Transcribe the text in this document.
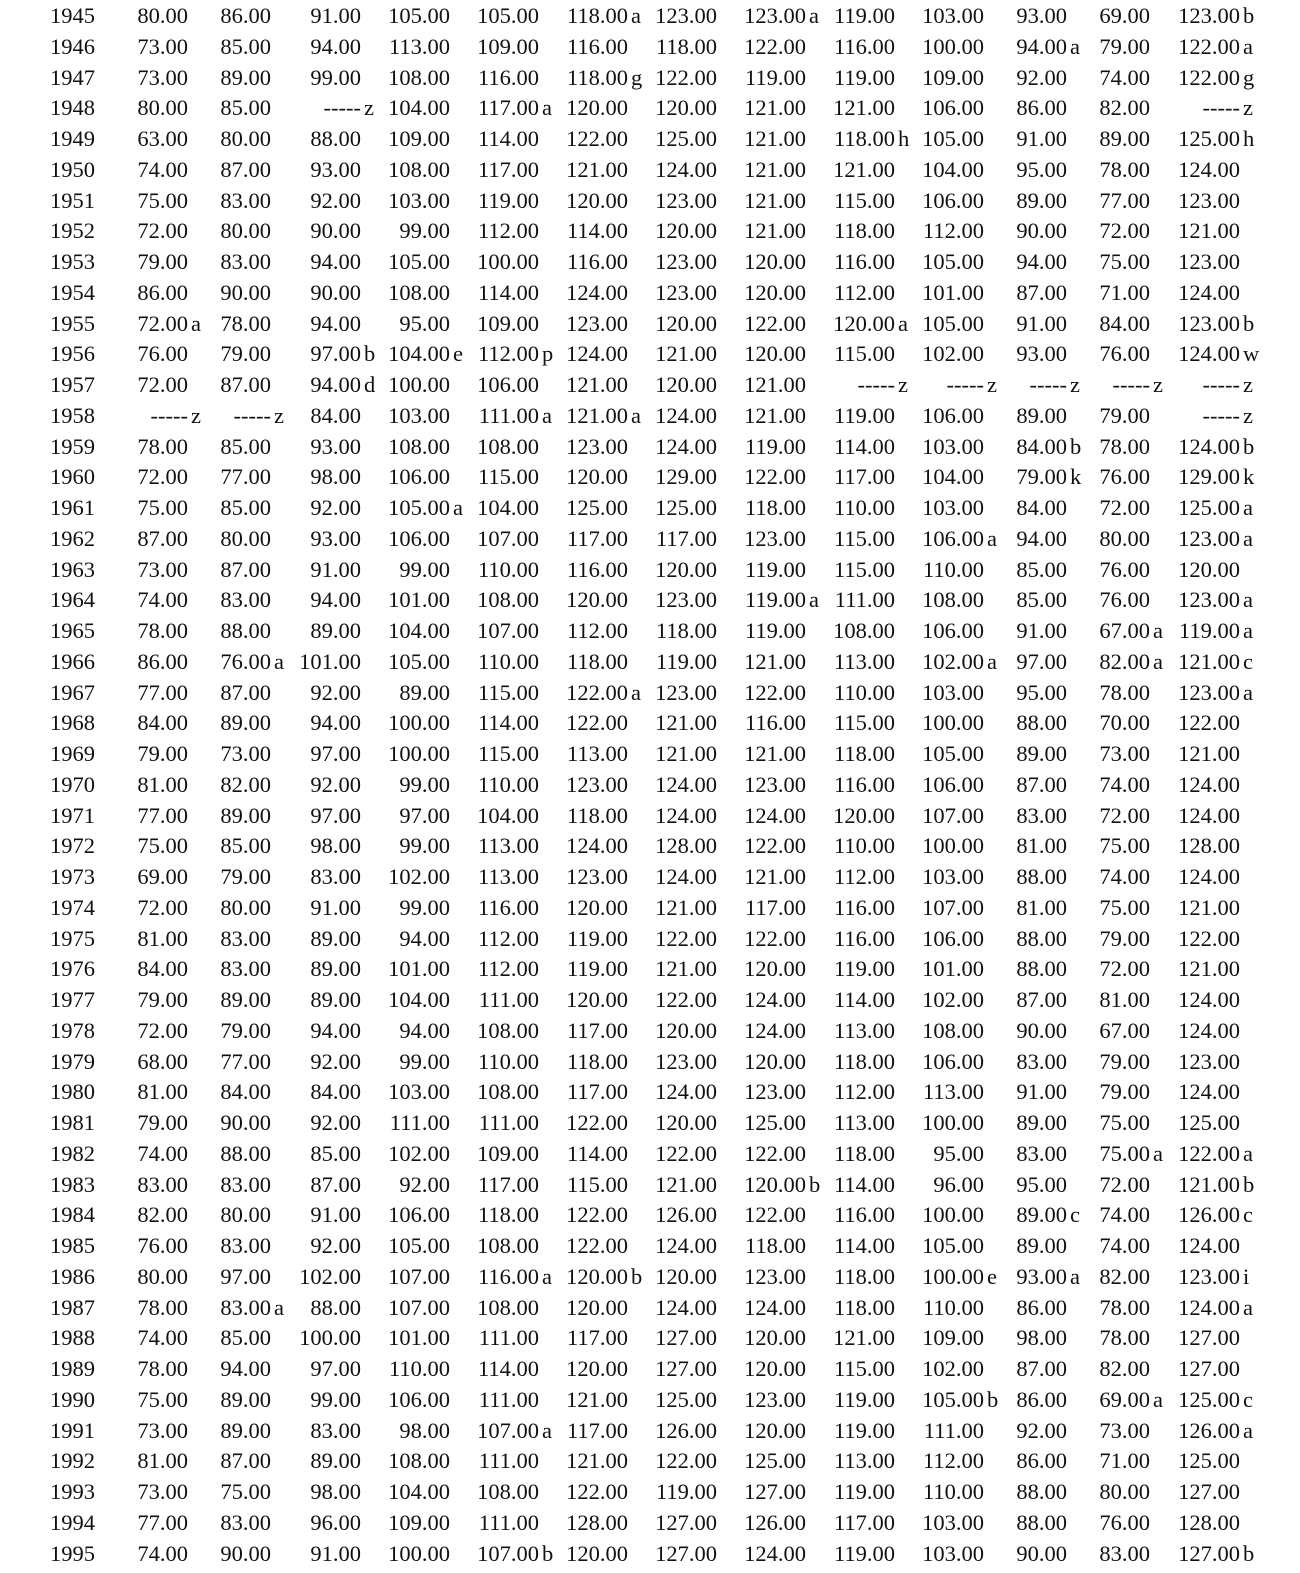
1945	80.00	86.00	91.00	105.00	105.00	118.00 a 123.00	123.00 a 119.00	103.00	93.00	69.00	123.00 b
1946	73.00	85.00	94.00	113.00	109.00	116.00	118.00	122.00	116.00	100.00	94.00 a 79.00	122.00 a
1947	73.00	89.00	99.00	108.00	116.00	118.00 g 122.00	119.00	119.00	109.00	92.00	74.00	122.00 g
1948	80.00	85.00	----- z 104.00	117.00 a 120.00	120.00	121.00	121.00	106.00	86.00	82.00	----- z
1949	63.00	80.00	88.00	109.00	114.00	122.00	125.00	121.00	118.00 h 105.00	91.00	89.00	125.00 h
1950	74.00	87.00	93.00	108.00	117.00	121.00	124.00	121.00	121.00	104.00	95.00	78.00	124.00
1951	75.00	83.00	92.00	103.00	119.00	120.00	123.00	121.00	115.00	106.00	89.00	77.00	123.00
1952	72.00	80.00	90.00	99.00	112.00	114.00	120.00	121.00	118.00	112.00	90.00	72.00	121.00
1953	79.00	83.00	94.00	105.00	100.00	116.00	123.00	120.00	116.00	105.00	94.00	75.00	123.00
1954	86.00	90.00	90.00	108.00	114.00	124.00	123.00	120.00	112.00	101.00	87.00	71.00	124.00
1955	72.00 a 78.00	94.00	95.00	109.00	123.00	120.00	122.00	120.00 a 105.00	91.00	84.00	123.00 b
1956	76.00	79.00	97.00 b 104.00 e 112.00 p 124.00	121.00	120.00	115.00	102.00	93.00	76.00	124.00 w
1957	72.00	87.00	94.00 d 100.00	106.00	121.00	120.00	121.00	----- z	----- z	----- z	----- z	----- z
1958	----- z	----- z	84.00	103.00	111.00 a 121.00 a 124.00	121.00	119.00	106.00	89.00	79.00	----- z
1959	78.00	85.00	93.00	108.00	108.00	123.00	124.00	119.00	114.00	103.00	84.00 b 78.00	124.00 b
1960	72.00	77.00	98.00	106.00	115.00	120.00	129.00	122.00	117.00	104.00	79.00 k 76.00	129.00 k
1961	75.00	85.00	92.00	105.00 a 104.00	125.00	125.00	118.00	110.00	103.00	84.00	72.00	125.00 a
1962	87.00	80.00	93.00	106.00	107.00	117.00	117.00	123.00	115.00	106.00 a 94.00	80.00	123.00 a
1963	73.00	87.00	91.00	99.00	110.00	116.00	120.00	119.00	115.00	110.00	85.00	76.00	120.00
1964	74.00	83.00	94.00	101.00	108.00	120.00	123.00	119.00 a 111.00	108.00	85.00	76.00	123.00 a
1965	78.00	88.00	89.00	104.00	107.00	112.00	118.00	119.00	108.00	106.00	91.00	67.00 a 119.00 a
1966	86.00	76.00 a 101.00	105.00	110.00	118.00	119.00	121.00	113.00	102.00 a 97.00	82.00 a 121.00 c
1967	77.00	87.00	92.00	89.00	115.00	122.00 a 123.00	122.00	110.00	103.00	95.00	78.00	123.00 a
1968	84.00	89.00	94.00	100.00	114.00	122.00	121.00	116.00	115.00	100.00	88.00	70.00	122.00
1969	79.00	73.00	97.00	100.00	115.00	113.00	121.00	121.00	118.00	105.00	89.00	73.00	121.00
1970	81.00	82.00	92.00	99.00	110.00	123.00	124.00	123.00	116.00	106.00	87.00	74.00	124.00
1971	77.00	89.00	97.00	97.00	104.00	118.00	124.00	124.00	120.00	107.00	83.00	72.00	124.00
1972	75.00	85.00	98.00	99.00	113.00	124.00	128.00	122.00	110.00	100.00	81.00	75.00	128.00
1973	69.00	79.00	83.00	102.00	113.00	123.00	124.00	121.00	112.00	103.00	88.00	74.00	124.00
1974	72.00	80.00	91.00	99.00	116.00	120.00	121.00	117.00	116.00	107.00	81.00	75.00	121.00
1975	81.00	83.00	89.00	94.00	112.00	119.00	122.00	122.00	116.00	106.00	88.00	79.00	122.00
1976	84.00	83.00	89.00	101.00	112.00	119.00	121.00	120.00	119.00	101.00	88.00	72.00	121.00
1977	79.00	89.00	89.00	104.00	111.00	120.00	122.00	124.00	114.00	102.00	87.00	81.00	124.00
1978	72.00	79.00	94.00	94.00	108.00	117.00	120.00	124.00	113.00	108.00	90.00	67.00	124.00
1979	68.00	77.00	92.00	99.00	110.00	118.00	123.00	120.00	118.00	106.00	83.00	79.00	123.00
1980	81.00	84.00	84.00	103.00	108.00	117.00	124.00	123.00	112.00	113.00	91.00	79.00	124.00
1981	79.00	90.00	92.00	111.00	111.00	122.00	120.00	125.00	113.00	100.00	89.00	75.00	125.00
1982	74.00	88.00	85.00	102.00	109.00	114.00	122.00	122.00	118.00	95.00	83.00	75.00 a 122.00 a
1983	83.00	83.00	87.00	92.00	117.00	115.00	121.00	120.00 b 114.00	96.00	95.00	72.00	121.00 b
1984	82.00	80.00	91.00	106.00	118.00	122.00	126.00	122.00	116.00	100.00	89.00 c 74.00	126.00 c
1985	76.00	83.00	92.00	105.00	108.00	122.00	124.00	118.00	114.00	105.00	89.00	74.00	124.00
1986	80.00	97.00	102.00	107.00	116.00 a 120.00 b 120.00	123.00	118.00	100.00 e 93.00 a 82.00	123.00 i
1987	78.00	83.00 a	88.00	107.00	108.00	120.00	124.00	124.00	118.00	110.00	86.00	78.00	124.00 a
1988	74.00	85.00	100.00	101.00	111.00	117.00	127.00	120.00	121.00	109.00	98.00	78.00	127.00
1989	78.00	94.00	97.00	110.00	114.00	120.00	127.00	120.00	115.00	102.00	87.00	82.00	127.00
1990	75.00	89.00	99.00	106.00	111.00	121.00	125.00	123.00	119.00	105.00 b 86.00	69.00 a 125.00 c
1991	73.00	89.00	83.00	98.00	107.00 a 117.00	126.00	120.00	119.00	111.00	92.00	73.00	126.00 a
1992	81.00	87.00	89.00	108.00	111.00	121.00	122.00	125.00	113.00	112.00	86.00	71.00	125.00
1993	73.00	75.00	98.00	104.00	108.00	122.00	119.00	127.00	119.00	110.00	88.00	80.00	127.00
1994	77.00	83.00	96.00	109.00	111.00	128.00	127.00	126.00	117.00	103.00	88.00	76.00	128.00
1995	74.00	90.00	91.00	100.00	107.00 b 120.00	127.00	124.00	119.00	103.00	90.00	83.00	127.00 b
